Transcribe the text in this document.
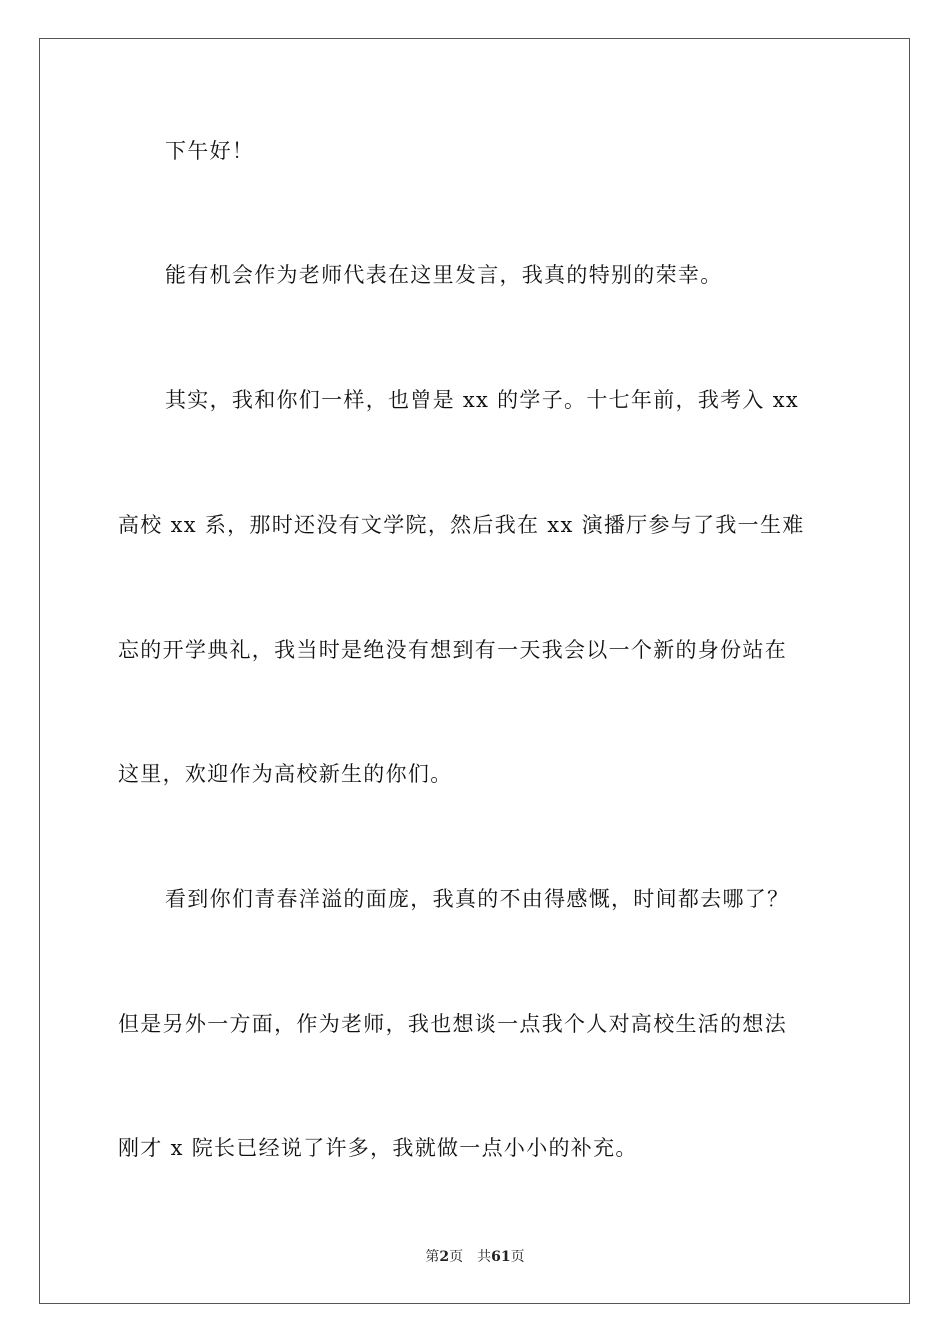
下午好！
能有机会作为老师代表在这里发言，我真的特别的荣幸。
其实，我和你们一样，也曾是 xx 的学子。十七年前，我考入 xx
高校 xx 系，那时还没有文学院，然后我在 xx 演播厅参与了我一生难
忘的开学典礼，我当时是绝没有想到有一天我会以一个新的身份站在
这里，欢迎作为高校新生的你们。
看到你们青春洋溢的面庞，我真的不由得感慨，时间都去哪了？
但是另外一方面，作为老师，我也想谈一点我个人对高校生活的想法
刚才 x 院长已经说了许多，我就做一点小小的补充。
第2页 共61页
